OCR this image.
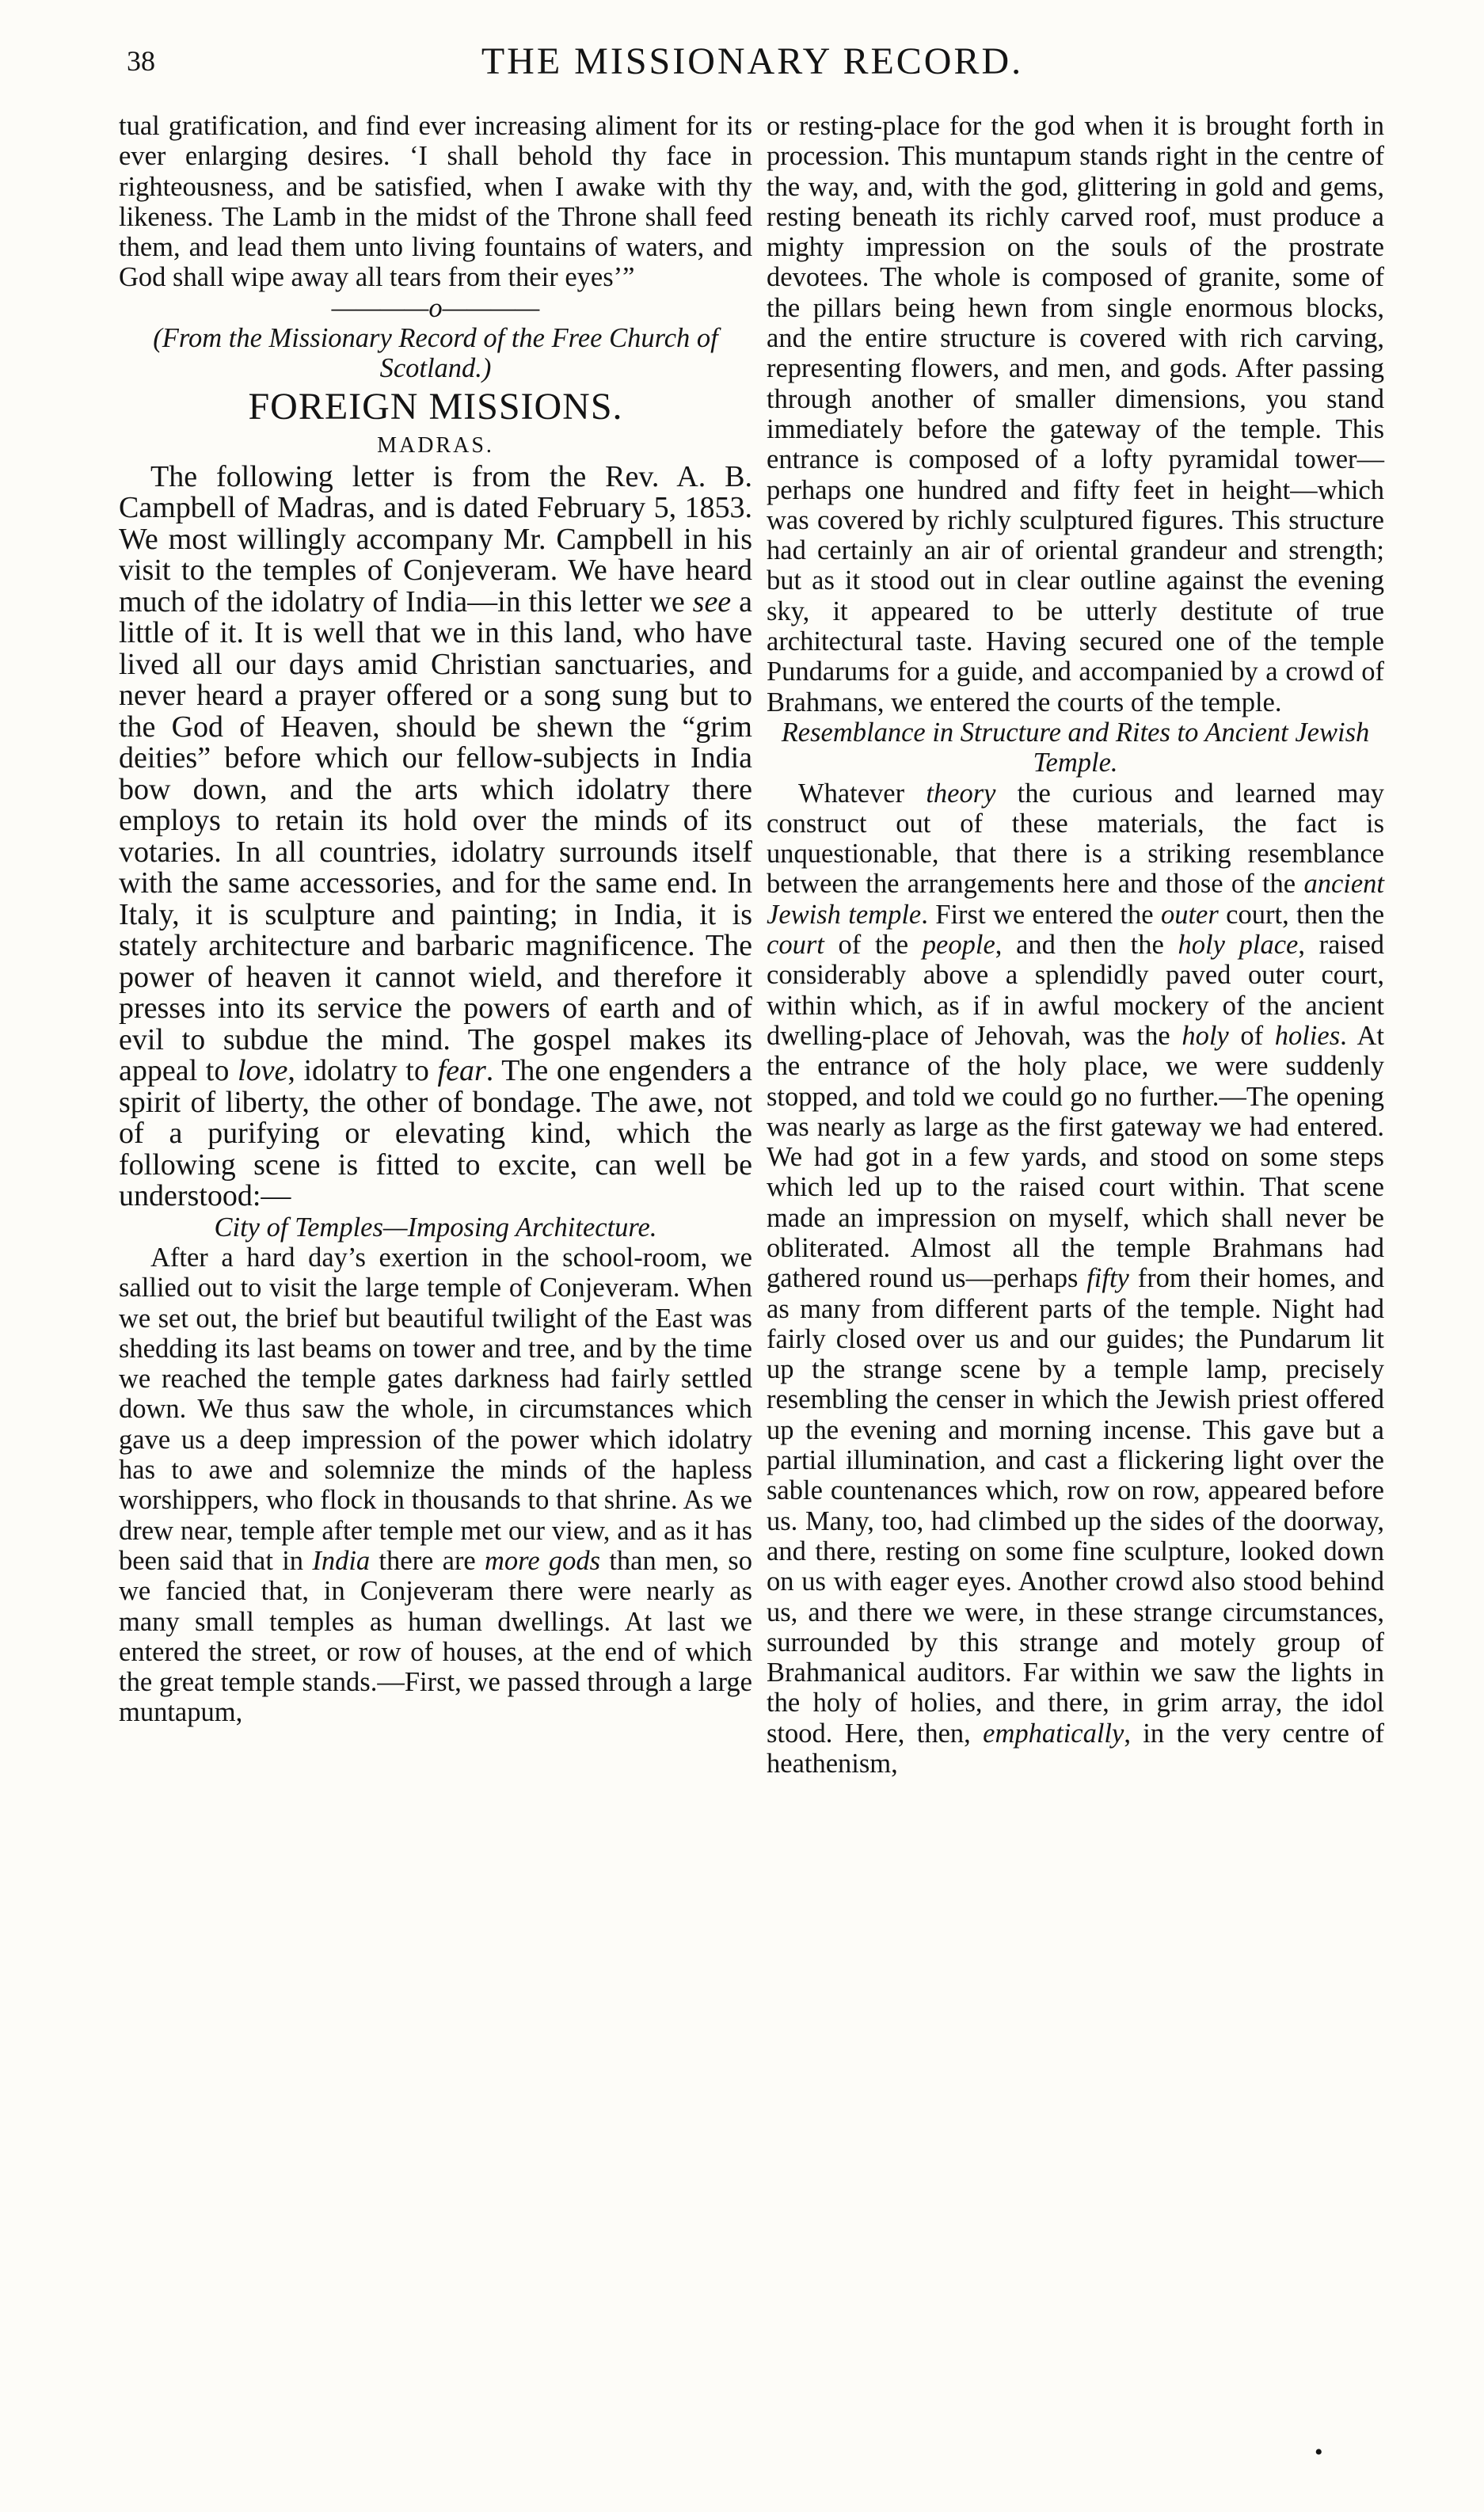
38	THE MISSIONARY RECORD.

tual gratification, and find ever increasing aliment for its ever enlarging desires. ‘I shall behold thy face in righteousness, and be satisfied, when I awake with thy likeness. The Lamb in the midst of the Throne shall feed them, and lead them unto living fountains of waters, and God shall wipe away all tears from their eyes’”

————o————

(From the Missionary Record of the Free Church of Scotland.)

FOREIGN MISSIONS.

MADRAS.

The following letter is from the Rev. A. B. Campbell of Madras, and is dated February 5, 1853. We most willingly accompany Mr. Campbell in his visit to the temples of Conjeveram. We have heard much of the idolatry of India—in this letter we see a little of it. It is well that we in this land, who have lived all our days amid Christian sanctuaries, and never heard a prayer offered or a song sung but to the God of Heaven, should be shewn the “grim deities” before which our fellow-subjects in India bow down, and the arts which idolatry there employs to retain its hold over the minds of its votaries. In all countries, idolatry surrounds itself with the same accessories, and for the same end. In Italy, it is sculpture and painting; in India, it is stately architecture and barbaric magnificence. The power of heaven it cannot wield, and therefore it presses into its service the powers of earth and of evil to subdue the mind. The gospel makes its appeal to love, idolatry to fear. The one engenders a spirit of liberty, the other of bondage. The awe, not of a purifying or elevating kind, which the following scene is fitted to excite, can well be understood:—

City of Temples—Imposing Architecture.

After a hard day’s exertion in the school-room, we sallied out to visit the large temple of Conjeveram. When we set out, the brief but beautiful twilight of the East was shedding its last beams on tower and tree, and by the time we reached the temple gates darkness had fairly settled down. We thus saw the whole, in circumstances which gave us a deep impression of the power which idolatry has to awe and solemnize the minds of the hapless worshippers, who flock in thousands to that shrine. As we drew near, temple after temple met our view, and as it has been said that in India there are more gods than men, so we fancied that, in Conjeveram there were nearly as many small temples as human dwellings. At last we entered the street, or row of houses, at the end of which the great temple stands.—First, we passed through a large muntapum,

or resting-place for the god when it is brought forth in procession. This muntapum stands right in the centre of the way, and, with the god, glittering in gold and gems, resting beneath its richly carved roof, must produce a mighty impression on the souls of the prostrate devotees. The whole is composed of granite, some of the pillars being hewn from single enormous blocks, and the entire structure is covered with rich carving, representing flowers, and men, and gods. After passing through another of smaller dimensions, you stand immediately before the gateway of the temple. This entrance is composed of a lofty pyramidal tower—perhaps one hundred and fifty feet in height—which was covered by richly sculptured figures. This structure had certainly an air of oriental grandeur and strength; but as it stood out in clear outline against the evening sky, it appeared to be utterly destitute of true architectural taste. Having secured one of the temple Pundarums for a guide, and accompanied by a crowd of Brahmans, we entered the courts of the temple.

Resemblance in Structure and Rites to Ancient Jewish Temple.

Whatever theory the curious and learned may construct out of these materials, the fact is unquestionable, that there is a striking resemblance between the arrangements here and those of the ancient Jewish temple. First we entered the outer court, then the court of the people, and then the holy place, raised considerably above a splendidly paved outer court, within which, as if in awful mockery of the ancient dwelling-place of Jehovah, was the holy of holies. At the entrance of the holy place, we were suddenly stopped, and told we could go no further.—The opening was nearly as large as the first gateway we had entered. We had got in a few yards, and stood on some steps which led up to the raised court within. That scene made an impression on myself, which shall never be obliterated. Almost all the temple Brahmans had gathered round us—perhaps fifty from their homes, and as many from different parts of the temple. Night had fairly closed over us and our guides; the Pundarum lit up the strange scene by a temple lamp, precisely resembling the censer in which the Jewish priest offered up the evening and morning incense. This gave but a partial illumination, and cast a flickering light over the sable countenances which, row on row, appeared before us. Many, too, had climbed up the sides of the doorway, and there, resting on some fine sculpture, looked down on us with eager eyes. Another crowd also stood behind us, and there we were, in these strange circumstances, surrounded by this strange and motely group of Brahmanical auditors. Far within we saw the lights in the holy of holies, and there, in grim array, the idol stood. Here, then, emphatically, in the very centre of heathenism,

•
